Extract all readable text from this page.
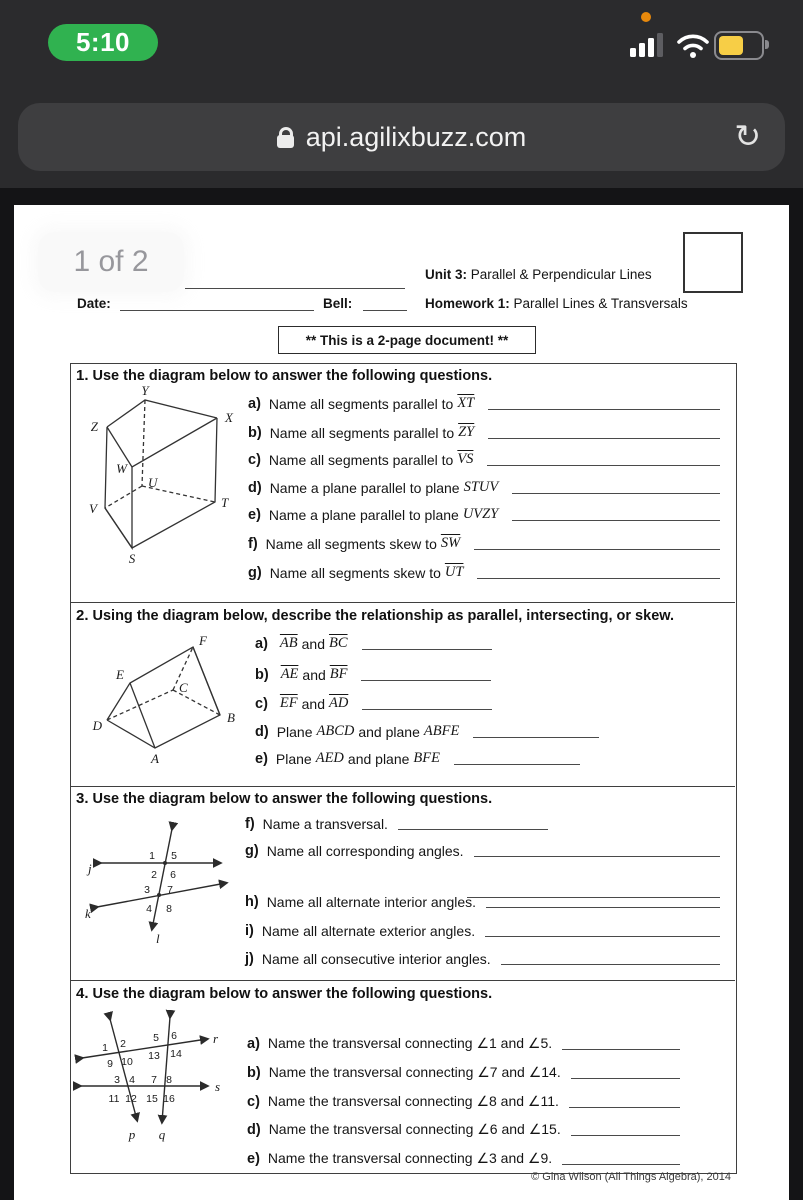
5:10
api.agilixbuzz.com	↻
1 of 2	Unit 3: Parallel & Perpendicular Lines
Date:	Bell:	Homework 1: Parallel Lines & Transversals
** This is a 2-page document! **
1. Use the diagram below to answer the following questions.
Y
Z
X
W
U
V	T
S
a) Name all segments parallel to $\overline{XT}$
b) Name all segments parallel to $\overline{ZY}$
c) Name all segments parallel to $\overline{VS}$
d) Name a plane parallel to plane STUV
e) Name a plane parallel to plane UVZY
f) Name all segments skew to $\overline{SW}$
g) Name all segments skew to $\overline{UT}$
2. Using the diagram below, describe the relationship as parallel, intersecting, or skew.
F
E
C
D
B
A
a) $\overline{AB}$ and $\overline{BC}$
b) $\overline{AE}$ and $\overline{BF}$
c) $\overline{EF}$ and $\overline{AD}$
d) Plane ABCD and plane ABFE
e) Plane AED and plane BFE
3. Use the diagram below to answer the following questions.
j
k
l
1 5
2 6
3 7
4 8
f) Name a transversal.
g) Name all corresponding angles.
h) Name all alternate interior angles.
i) Name all alternate exterior angles.
j) Name all consecutive interior angles.
4. Use the diagram below to answer the following questions.
r
s
p q
1 2
9 10
5 6
13 14
3 4
11 12
7 8
15 16
a) Name the transversal connecting ∠1 and ∠5.
b) Name the transversal connecting ∠7 and ∠14.
c) Name the transversal connecting ∠8 and ∠11.
d) Name the transversal connecting ∠6 and ∠15.
e) Name the transversal connecting ∠3 and ∠9.
© Gina Wilson (All Things Algebra), 2014
